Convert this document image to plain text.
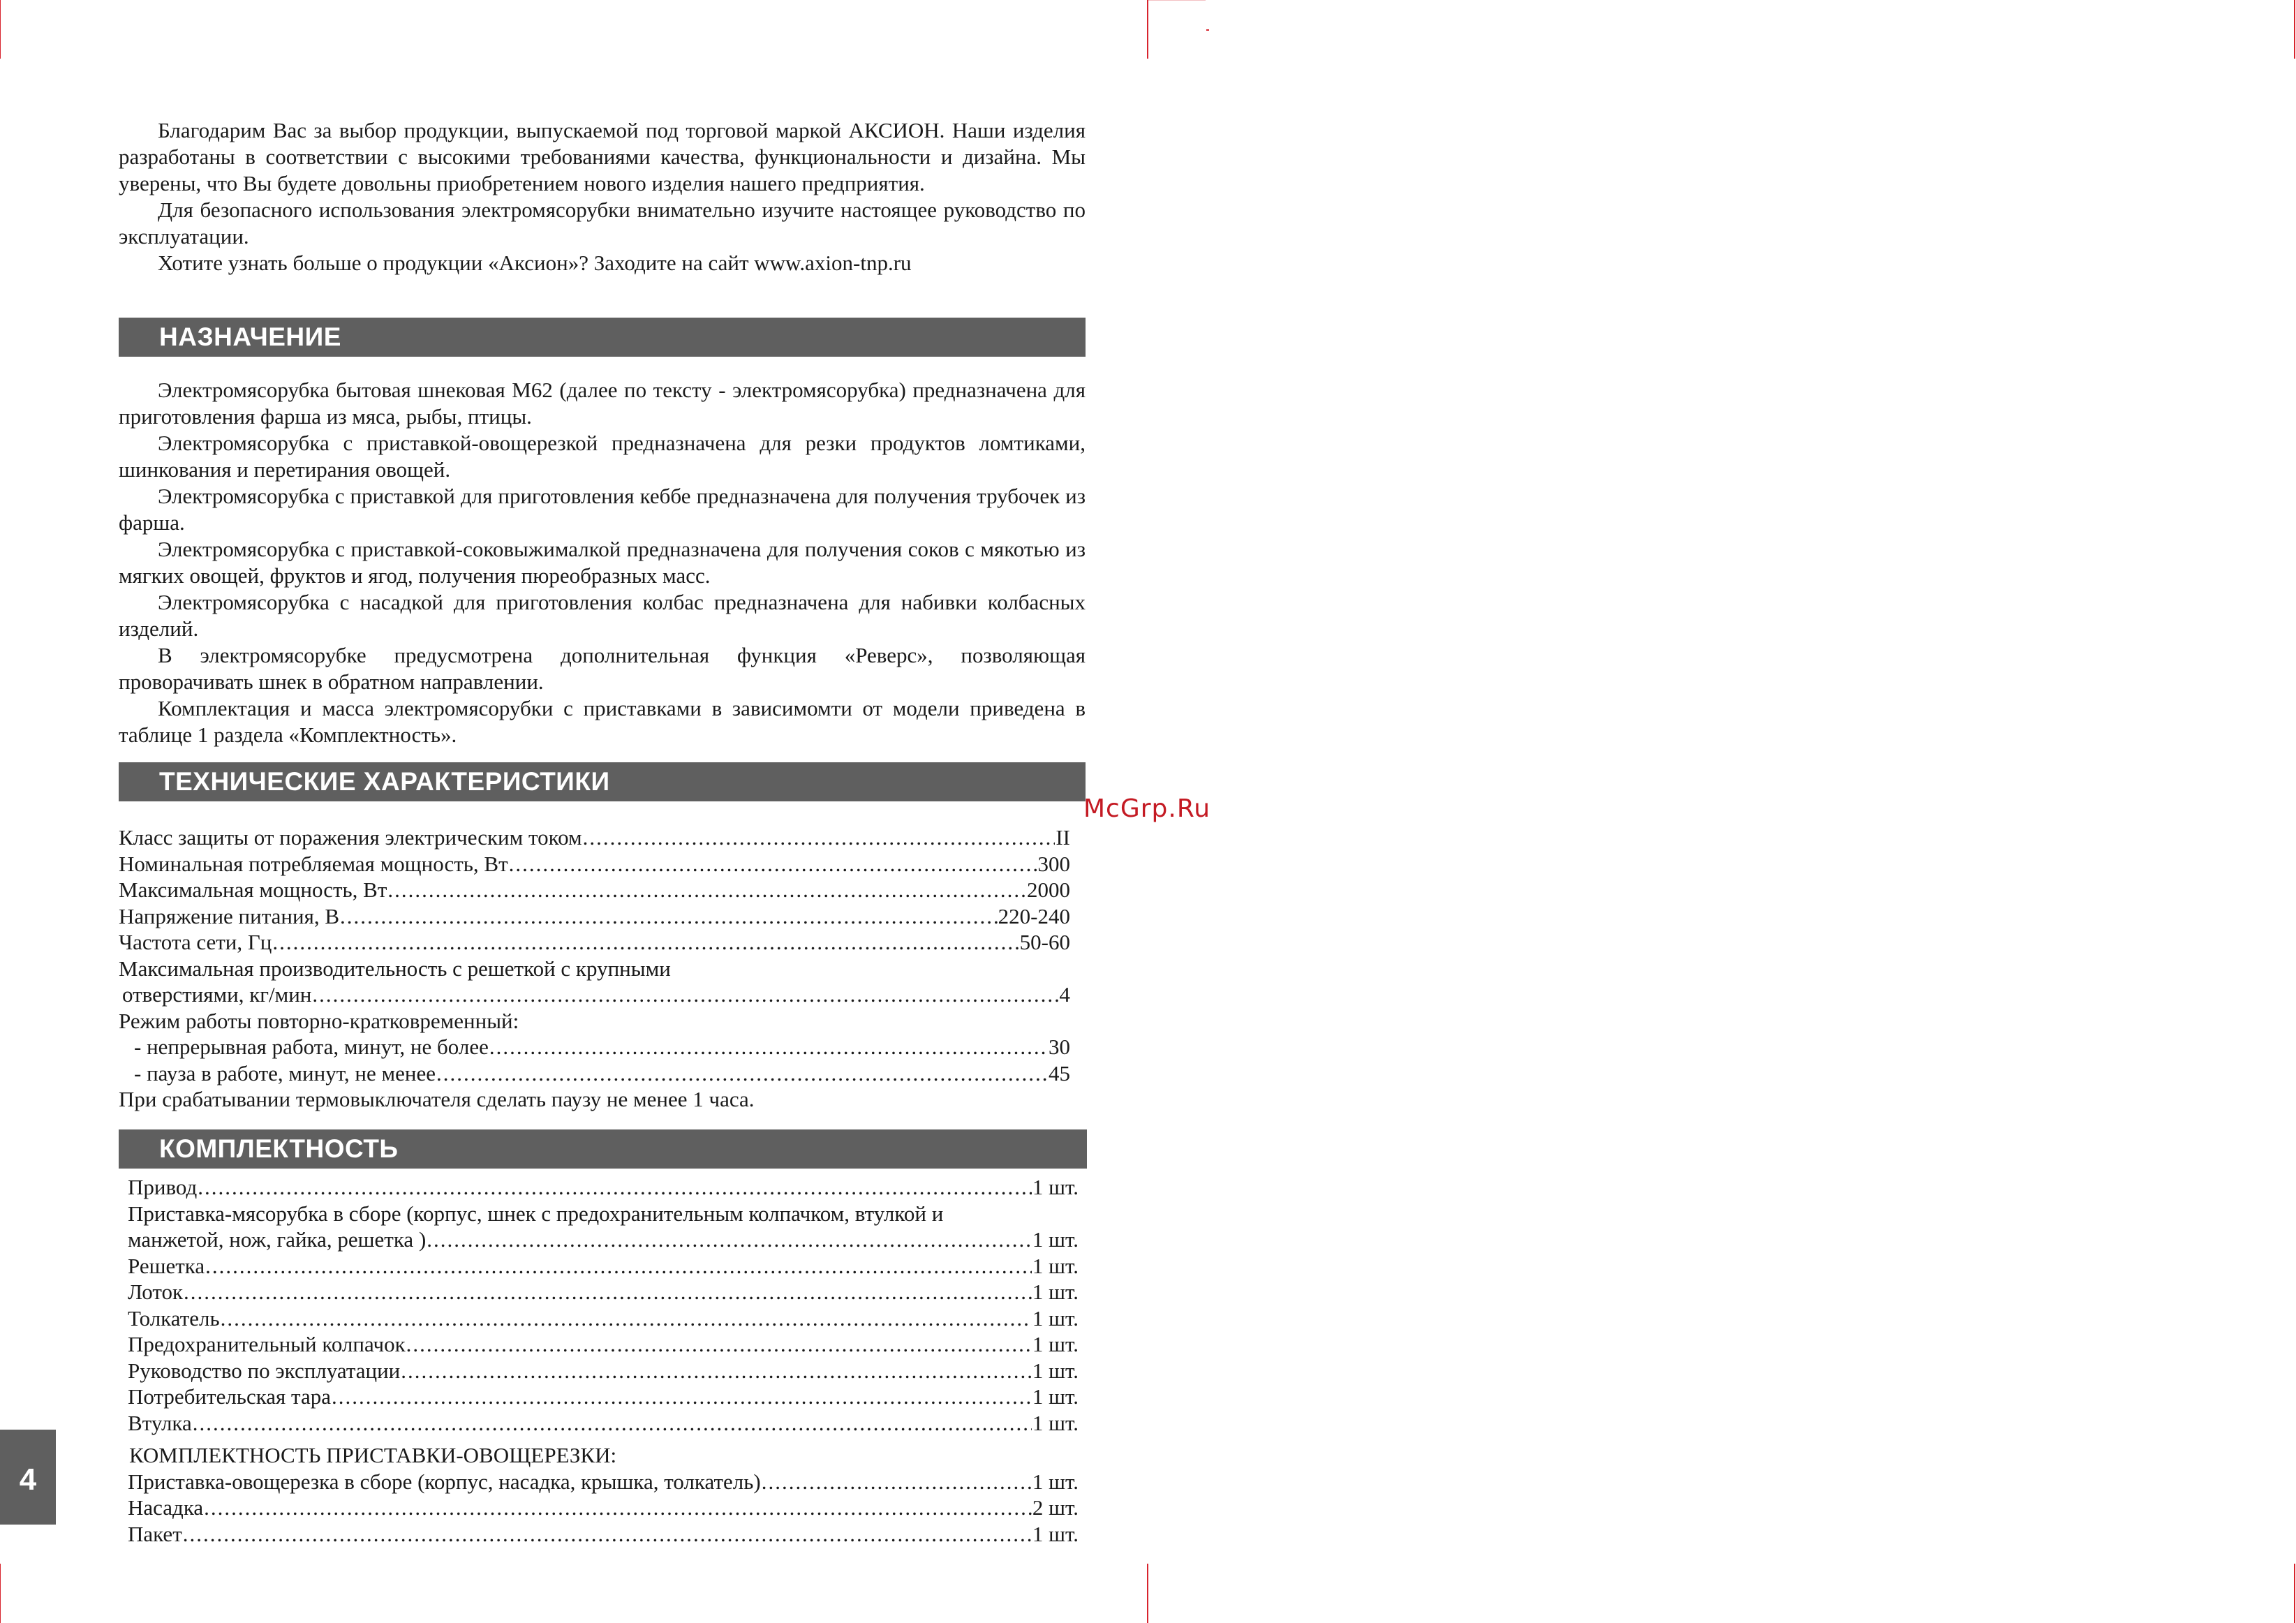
Благодарим Вас за выбор продукции, выпускаемой под торговой маркой АКСИОН. Наши изделия разработаны в соответствии с высокими требованиями качества, функциональности и дизайна. Мы уверены, что Вы будете довольны приобретением нового изделия нашего предприятия.

Для безопасного использования электромясорубки внимательно изучите настоящее руководство по эксплуатации.

Хотите узнать больше о продукции «Аксион»? Заходите на сайт www.axion-tnp.ru

НАЗНАЧЕНИЕ

Электромясорубка бытовая шнековая М62 (далее по тексту - электромясорубка) предназначена для приготовления фарша из мяса, рыбы, птицы.

Электромясорубка с приставкой-овощерезкой предназначена для резки продуктов ломтиками, шинкования и перетирания овощей.

Электромясорубка с приставкой для приготовления кеббе предназначена для получения трубочек из фарша.

Электромясорубка с приставкой-соковыжималкой предназначена для получения соков с мякотью из мягких овощей, фруктов и ягод, получения пюреобразных масс.

Электромясорубка с насадкой для приготовления колбас предназначена для набивки колбасных изделий.

В электромясорубке предусмотрена дополнительная функция «Реверс», позволяющая проворачивать шнек в обратном направлении.

Комплектация и масса электромясорубки с приставками в зависимомти от модели приведена в таблице 1 раздела «Комплектность».

ТЕХНИЧЕСКИЕ ХАРАКТЕРИСТИКИ
Класс защиты от поражения электрическим током .....	II
Номинальная потребляемая мощность, Вт .....	300
Максимальная мощность, Вт .....	2000
Напряжение питания, В .....	220-240
Частота сети, Гц .....	50-60
Максимальная производительность с решеткой с крупными
отверстиями, кг/мин .....	4
Режим работы повторно-кратковременный:
- непрерывная работа, минут, не более .....	30
- пауза в работе, минут, не менее .....	45
При срабатывании термовыключателя сделать паузу не менее 1 часа.
КОМПЛЕКТНОСТЬ
Привод .....	1 шт.
Приставка-мясорубка в сборе (корпус, шнек с предохранительным колпачком, втулкой и
манжетой, нож, гайка, решетка ) .....	1 шт.
Решетка .....	1 шт.
Лоток .....	1 шт.
Толкатель .....	1 шт.
Предохранительный колпачок .....	1 шт.
Руководство по эксплуатации .....	1 шт.
Потребительская тара .....	1 шт.
Втулка .....	1 шт.
КОМПЛЕКТНОСТЬ ПРИСТАВКИ-ОВОЩЕРЕЗКИ:
Приставка-овощерезка в сборе (корпус, насадка, крышка, толкатель) .....	1 шт.
Насадка .....	2 шт.
Пакет .....	1 шт.
4
McGrp.Ru
